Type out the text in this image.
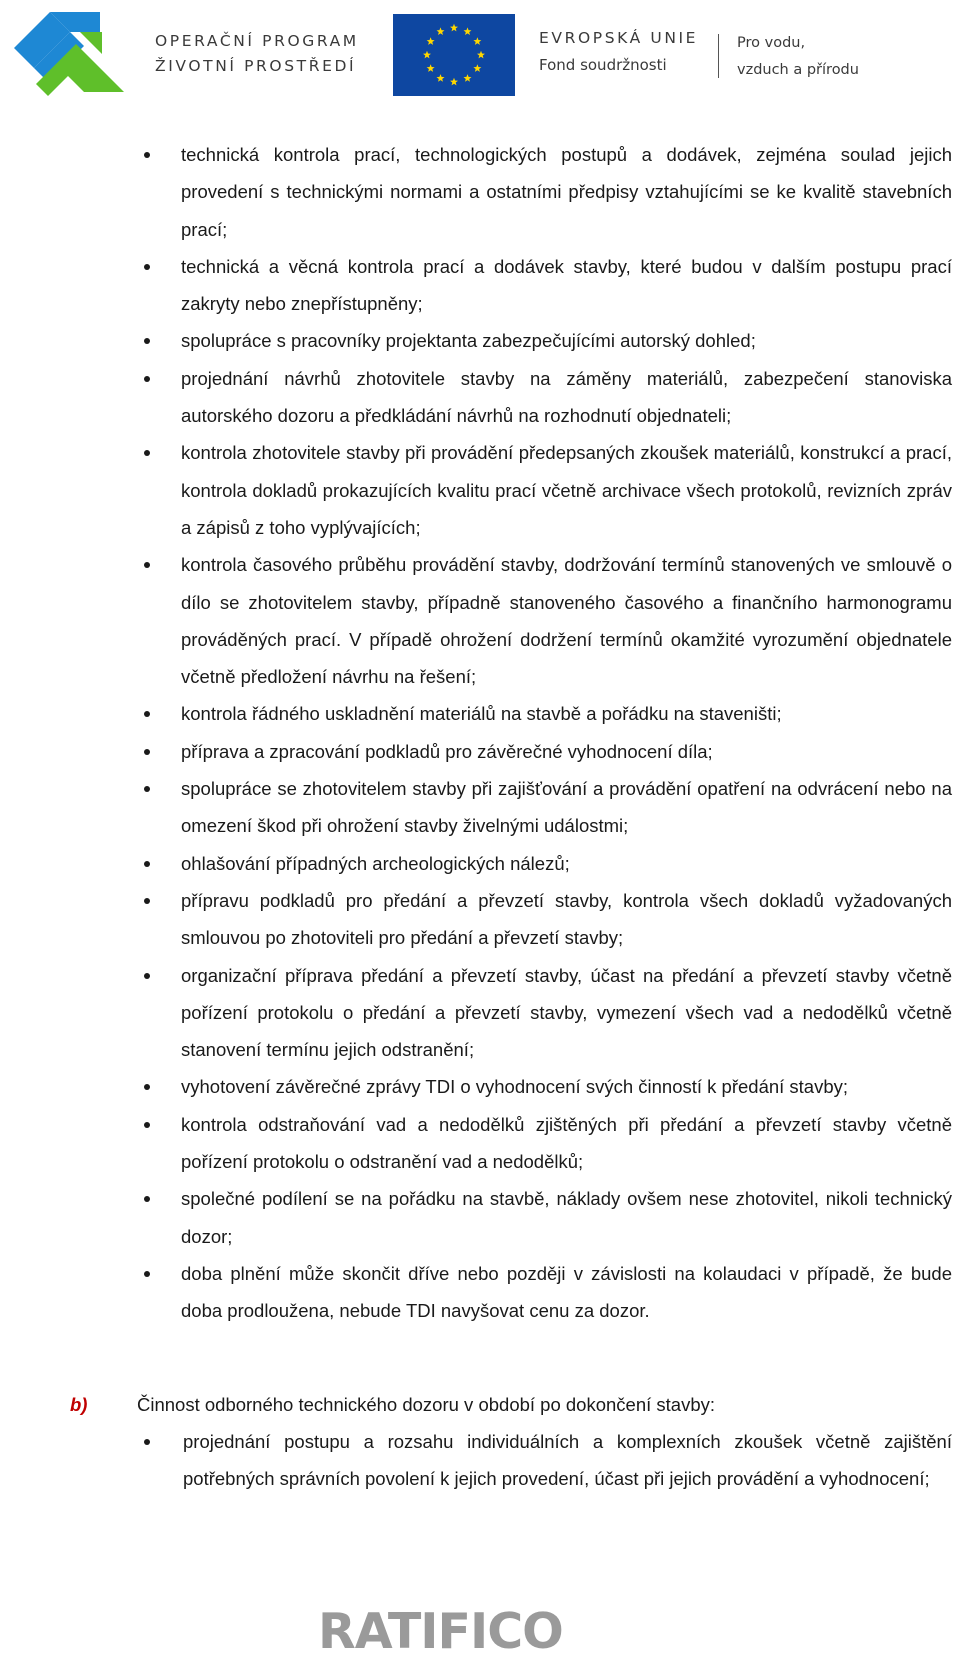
OPERAČNÍ PROGRAM
ŽIVOTNÍ PROSTŘEDÍ
EVROPSKÁ UNIE
Fond soudržnosti
Pro vodu,
vzduch a přírodu
technická kontrola prací, technologických postupů a dodávek, zejména soulad jejich provedení s technickými normami a ostatními předpisy vztahujícími se ke kvalitě stavebních prací;
technická a věcná kontrola prací a dodávek stavby, které budou v dalším postupu prací zakryty nebo znepřístupněny;
spolupráce s pracovníky projektanta zabezpečujícími autorský dohled;
projednání návrhů zhotovitele stavby na záměny materiálů, zabezpečení stanoviska autorského dozoru a předkládání návrhů na rozhodnutí objednateli;
kontrola zhotovitele stavby při provádění předepsaných zkoušek materiálů, konstrukcí a prací, kontrola dokladů prokazujících kvalitu prací včetně archivace všech protokolů, revizních zpráv a zápisů z toho vyplývajících;
kontrola časového průběhu provádění stavby, dodržování termínů stanovených ve smlouvě o dílo se zhotovitelem stavby, případně stanoveného časového a finančního harmonogramu prováděných prací. V případě ohrožení dodržení termínů okamžité vyrozumění objednatele včetně předložení návrhu na řešení;
kontrola řádného uskladnění materiálů na stavbě a pořádku na staveništi;
příprava a zpracování podkladů pro závěrečné vyhodnocení díla;
spolupráce se zhotovitelem stavby při zajišťování a provádění opatření na odvrácení nebo na omezení škod při ohrožení stavby živelnými událostmi;
ohlašování případných archeologických nálezů;
přípravu podkladů pro předání a převzetí stavby, kontrola všech dokladů vyžadovaných smlouvou po zhotoviteli pro předání a převzetí stavby;
organizační příprava předání a převzetí stavby, účast na předání a převzetí stavby včetně pořízení protokolu o předání a převzetí stavby, vymezení všech vad a nedodělků včetně stanovení termínu jejich odstranění;
vyhotovení závěrečné zprávy TDI o vyhodnocení svých činností k předání stavby;
kontrola odstraňování vad a nedodělků zjištěných při předání a převzetí stavby včetně pořízení protokolu o odstranění vad a nedodělků;
společné podílení se na pořádku na stavbě, náklady ovšem nese zhotovitel, nikoli technický dozor;
doba plnění může skončit dříve nebo později v závislosti na kolaudaci v případě, že bude doba prodloužena, nebude TDI navyšovat cenu za dozor.
b)	Činnost odborného technického dozoru v období po dokončení stavby:
projednání postupu a rozsahu individuálních a komplexních zkoušek včetně zajištění potřebných správních povolení k jejich provedení, účast při jejich provádění a vyhodnocení;
RATIFICO
